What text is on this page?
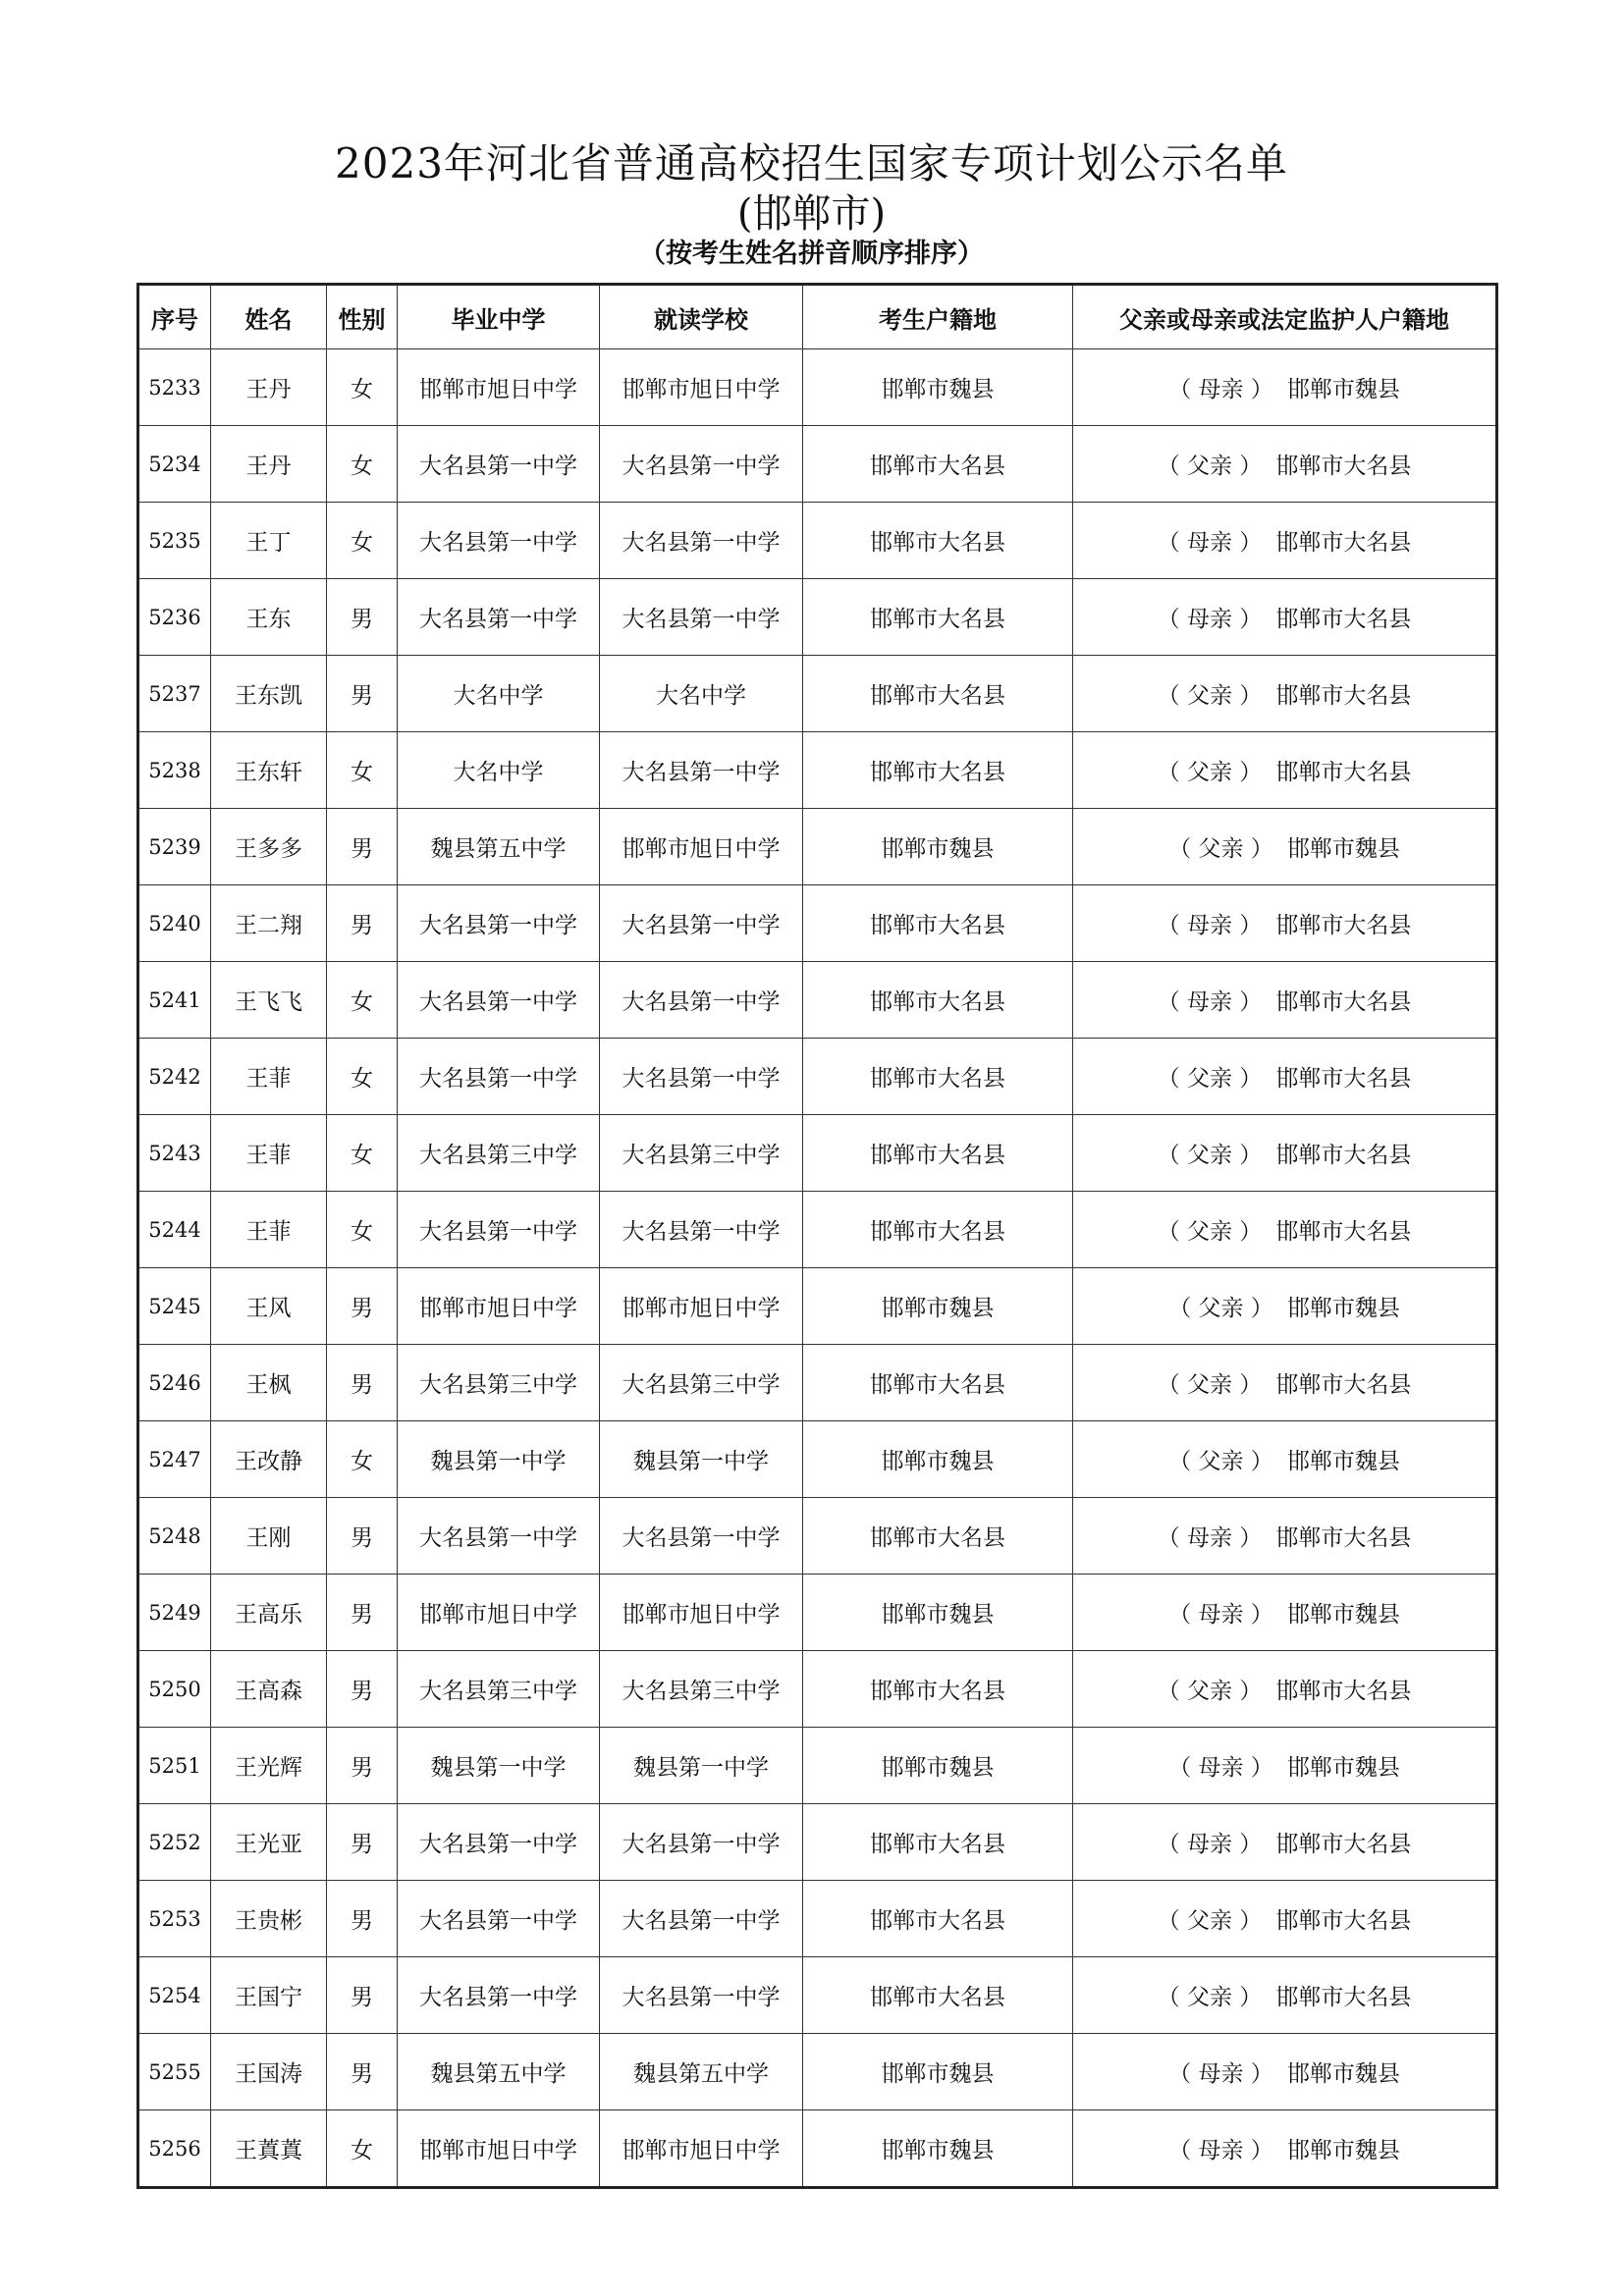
2023年河北省普通高校招生国家专项计划公示名单
(邯郸市)
（按考生姓名拼音顺序排序）
序号	姓名	性别	毕业中学	就读学校	考生户籍地	父亲或母亲或法定监护人户籍地
5233	王丹	女	邯郸市旭日中学	邯郸市旭日中学	邯郸市魏县	（ 母亲 ） 邯郸市魏县
5234	王丹	女	大名县第一中学	大名县第一中学	邯郸市大名县	（ 父亲 ） 邯郸市大名县
5235	王丁	女	大名县第一中学	大名县第一中学	邯郸市大名县	（ 母亲 ） 邯郸市大名县
5236	王东	男	大名县第一中学	大名县第一中学	邯郸市大名县	（ 母亲 ） 邯郸市大名县
5237	王东凯	男	大名中学	大名中学	邯郸市大名县	（ 父亲 ） 邯郸市大名县
5238	王东轩	女	大名中学	大名县第一中学	邯郸市大名县	（ 父亲 ） 邯郸市大名县
5239	王多多	男	魏县第五中学	邯郸市旭日中学	邯郸市魏县	（ 父亲 ） 邯郸市魏县
5240	王二翔	男	大名县第一中学	大名县第一中学	邯郸市大名县	（ 母亲 ） 邯郸市大名县
5241	王飞飞	女	大名县第一中学	大名县第一中学	邯郸市大名县	（ 母亲 ） 邯郸市大名县
5242	王菲	女	大名县第一中学	大名县第一中学	邯郸市大名县	（ 父亲 ） 邯郸市大名县
5243	王菲	女	大名县第三中学	大名县第三中学	邯郸市大名县	（ 父亲 ） 邯郸市大名县
5244	王菲	女	大名县第一中学	大名县第一中学	邯郸市大名县	（ 父亲 ） 邯郸市大名县
5245	王风	男	邯郸市旭日中学	邯郸市旭日中学	邯郸市魏县	（ 父亲 ） 邯郸市魏县
5246	王枫	男	大名县第三中学	大名县第三中学	邯郸市大名县	（ 父亲 ） 邯郸市大名县
5247	王改静	女	魏县第一中学	魏县第一中学	邯郸市魏县	（ 父亲 ） 邯郸市魏县
5248	王刚	男	大名县第一中学	大名县第一中学	邯郸市大名县	（ 母亲 ） 邯郸市大名县
5249	王高乐	男	邯郸市旭日中学	邯郸市旭日中学	邯郸市魏县	（ 母亲 ） 邯郸市魏县
5250	王高森	男	大名县第三中学	大名县第三中学	邯郸市大名县	（ 父亲 ） 邯郸市大名县
5251	王光辉	男	魏县第一中学	魏县第一中学	邯郸市魏县	（ 母亲 ） 邯郸市魏县
5252	王光亚	男	大名县第一中学	大名县第一中学	邯郸市大名县	（ 母亲 ） 邯郸市大名县
5253	王贵彬	男	大名县第一中学	大名县第一中学	邯郸市大名县	（ 父亲 ） 邯郸市大名县
5254	王国宁	男	大名县第一中学	大名县第一中学	邯郸市大名县	（ 父亲 ） 邯郸市大名县
5255	王国涛	男	魏县第五中学	魏县第五中学	邯郸市魏县	（ 母亲 ） 邯郸市魏县
5256	王蒖蒖	女	邯郸市旭日中学	邯郸市旭日中学	邯郸市魏县	（ 母亲 ） 邯郸市魏县
